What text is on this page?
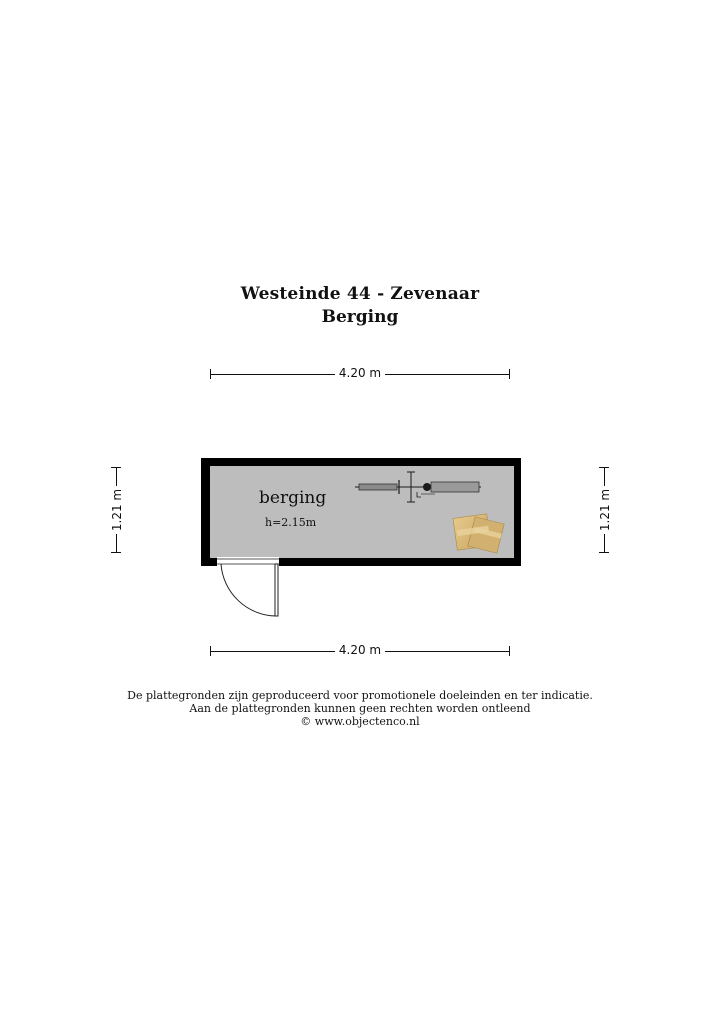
Westeinde 44 - Zevenaar
Berging
4.20 m
4.20 m
1.21 m	1.21 m
berging
h=2.15m
De plattegronden zijn geproduceerd voor promotionele doeleinden en ter indicatie.
Aan de plattegronden kunnen geen rechten worden ontleend
© www.objectenco.nl
